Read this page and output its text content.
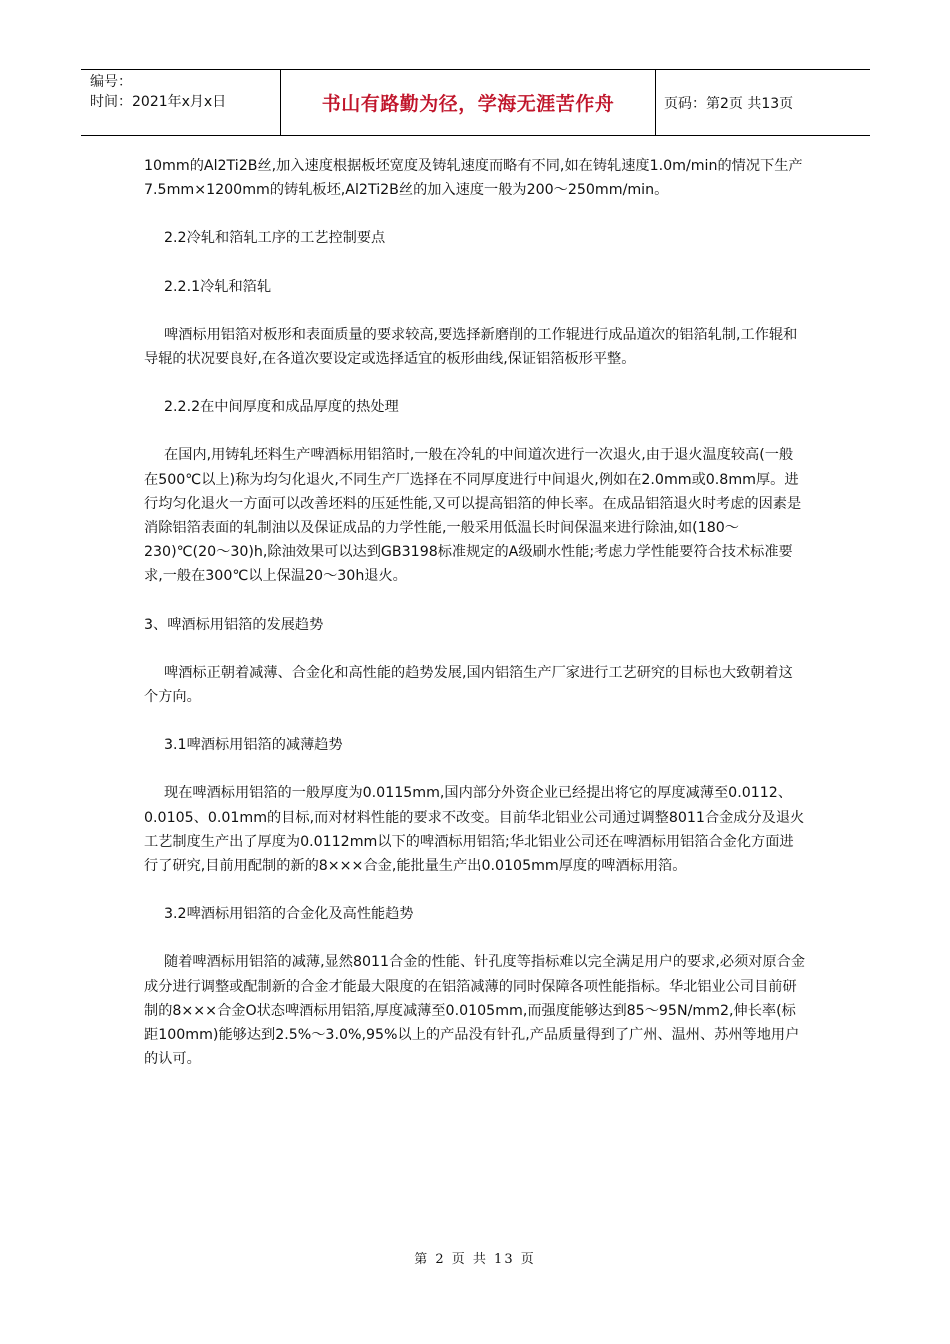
编号：
时间：2021年x月x日	书山有路勤为径，学海无涯苦作舟	页码：第2页 共13页

10mm的Al2Ti2B丝,加入速度根据板坯宽度及铸轧速度而略有不同,如在铸轧速度1.0m/min的情况下生产7.5mm×1200mm的铸轧板坯,Al2Ti2B丝的加入速度一般为200～250mm/min。

2.2冷轧和箔轧工序的工艺控制要点

2.2.1冷轧和箔轧

啤酒标用铝箔对板形和表面质量的要求较高,要选择新磨削的工作辊进行成品道次的铝箔轧制,工作辊和导辊的状况要良好,在各道次要设定或选择适宜的板形曲线,保证铝箔板形平整。

2.2.2在中间厚度和成品厚度的热处理

在国内,用铸轧坯料生产啤酒标用铝箔时,一般在冷轧的中间道次进行一次退火,由于退火温度较高(一般在500℃以上)称为均匀化退火,不同生产厂选择在不同厚度进行中间退火,例如在2.0mm或0.8mm厚。进行均匀化退火一方面可以改善坯料的压延性能,又可以提高铝箔的伸长率。在成品铝箔退火时考虑的因素是消除铝箔表面的轧制油以及保证成品的力学性能,一般采用低温长时间保温来进行除油,如(180～230)℃(20～30)h,除油效果可以达到GB3198标准规定的A级刷水性能;考虑力学性能要符合技术标准要求,一般在300℃以上保温20～30h退火。

3、啤酒标用铝箔的发展趋势

啤酒标正朝着减薄、合金化和高性能的趋势发展,国内铝箔生产厂家进行工艺研究的目标也大致朝着这个方向。

3.1啤酒标用铝箔的减薄趋势

现在啤酒标用铝箔的一般厚度为0.0115mm,国内部分外资企业已经提出将它的厚度减薄至0.0112、0.0105、0.01mm的目标,而对材料性能的要求不改变。目前华北铝业公司通过调整8011合金成分及退火工艺制度生产出了厚度为0.0112mm以下的啤酒标用铝箔;华北铝业公司还在啤酒标用铝箔合金化方面进行了研究,目前用配制的新的8×××合金,能批量生产出0.0105mm厚度的啤酒标用箔。

3.2啤酒标用铝箔的合金化及高性能趋势

随着啤酒标用铝箔的减薄,显然8011合金的性能、针孔度等指标难以完全满足用户的要求,必须对原合金成分进行调整或配制新的合金才能最大限度的在铝箔减薄的同时保障各项性能指标。华北铝业公司目前研制的8×××合金O状态啤酒标用铝箔,厚度减薄至0.0105mm,而强度能够达到85～95N/mm2,伸长率(标距100mm)能够达到2.5%～3.0%,95%以上的产品没有针孔,产品质量得到了广州、温州、苏州等地用户的认可。

第 2 页 共 13 页
